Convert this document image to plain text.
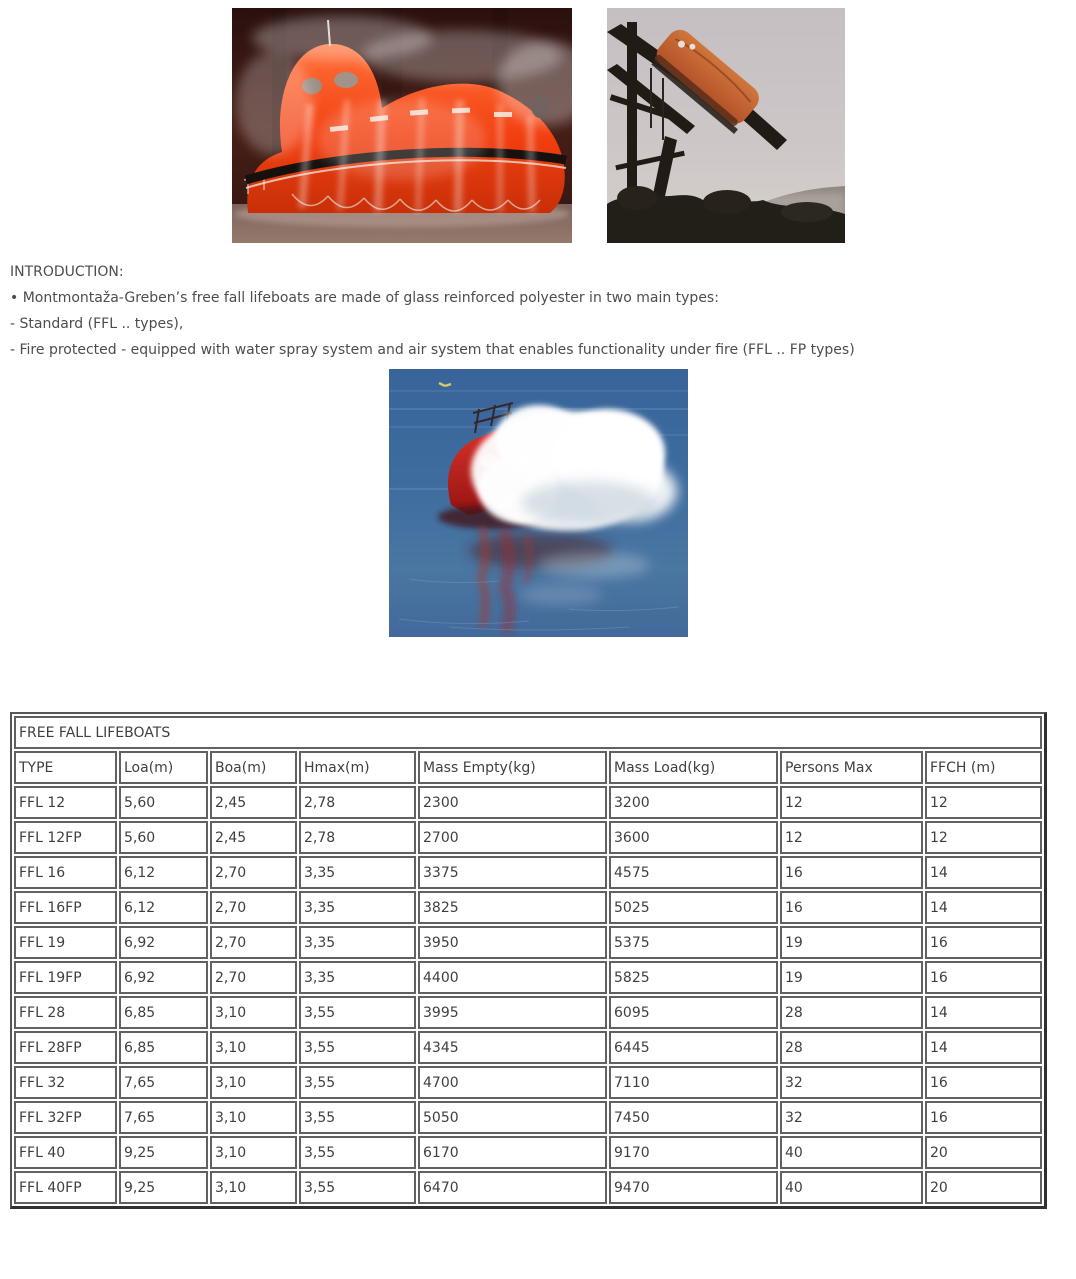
INTRODUCTION:
• Montmontaža-Greben’s free fall lifeboats are made of glass reinforced polyester in two main types:
- Standard (FFL .. types),
- Fire protected - equipped with water spray system and air system that enables functionality under fire (FFL .. FP types)
FREE FALL LIFEBOATS							
TYPE	Loa(m)	Boa(m)	Hmax(m)	Mass Empty(kg)	Mass Load(kg)	Persons Max	FFCH (m)
FFL 12	5,60	2,45	2,78	2300	3200	12	12
FFL 12FP	5,60	2,45	2,78	2700	3600	12	12
FFL 16	6,12	2,70	3,35	3375	4575	16	14
FFL 16FP	6,12	2,70	3,35	3825	5025	16	14
FFL 19	6,92	2,70	3,35	3950	5375	19	16
FFL 19FP	6,92	2,70	3,35	4400	5825	19	16
FFL 28	6,85	3,10	3,55	3995	6095	28	14
FFL 28FP	6,85	3,10	3,55	4345	6445	28	14
FFL 32	7,65	3,10	3,55	4700	7110	32	16
FFL 32FP	7,65	3,10	3,55	5050	7450	32	16
FFL 40	9,25	3,10	3,55	6170	9170	40	20
FFL 40FP	9,25	3,10	3,55	6470	9470	40	20
